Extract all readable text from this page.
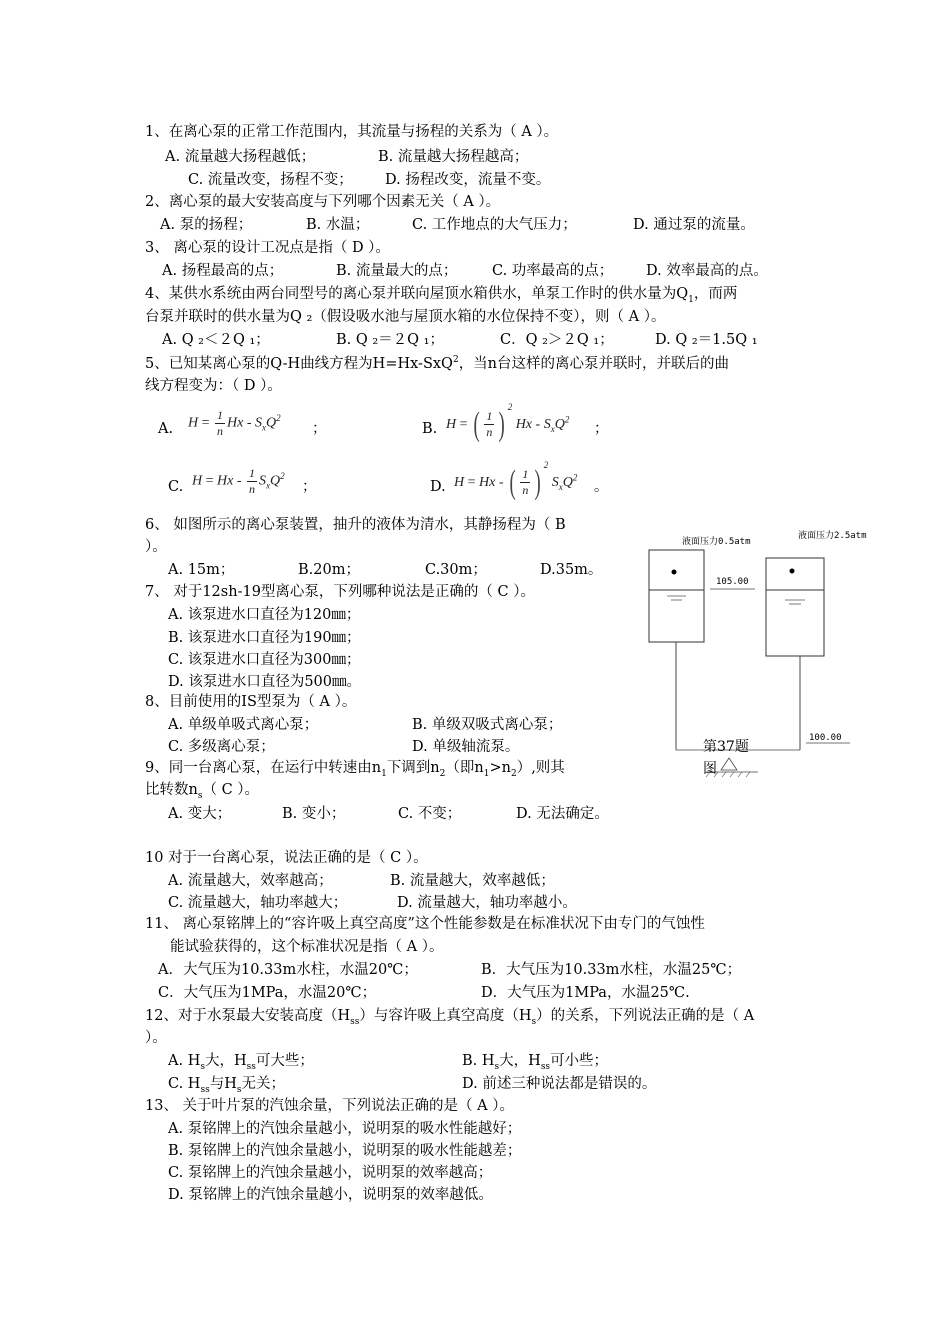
1、在离心泵的正常工作范围内，其流量与扬程的关系为（ A ）。
A. 流量越大扬程越低；	B. 流量越大扬程越高；
C. 流量改变，扬程不变； D. 扬程改变，流量不变。
2、离心泵的最大安装高度与下列哪个因素无关（ A ）。
A. 泵的扬程；	B. 水温；	C. 工作地点的大气压力；	D. 通过泵的流量。
3、 离心泵的设计工况点是指（ D ）。
A. 扬程最高的点；	B. 流量最大的点； C. 功率最高的点； D. 效率最高的点。
4、某供水系统由两台同型号的离心泵并联向屋顶水箱供水，单泵工作时的供水量为$Q_1$，而两
台泵并联时的供水量为Q ₂（假设吸水池与屋顶水箱的水位保持不变），则（ A ）。
A. Q ₂＜２Q ₁；	B. Q ₂＝２Q ₁；	C．Q ₂＞２Q ₁；	D. Q ₂＝1.5Q ₁
5、已知某离心泵的Q-H曲线方程为H=Hx-SxQ$^2$，当n台这样的离心泵并联时，并联后的曲
线方程变为：（ D ）。
A. $H = \frac{1}{n}$ Hx - $S_xQ^2$
；	B. H = ( $\frac{1}{n}$ ) $^2$ Hx - $S_xQ^2$
；
C. $H = Hx - \frac{1}{n} S_xQ^2$
；	D. H = Hx - ( $\frac{1}{n}$ ) $^2$ $S_xQ^2$
。
6、 如图所示的离心泵装置，抽升的液体为清水，其静扬程为（ B
）。
A. 15m；	B.20m；	C.30m；	D.35m。
7、 对于12sh-19型离心泵，下列哪种说法是正确的（ C ）。
A. 该泵进水口直径为120㎜；
B. 该泵进水口直径为190㎜；
C. 该泵进水口直径为300㎜；
D. 该泵进水口直径为500㎜。
8、目前使用的IS型泵为（ A ）。
A. 单级单吸式离心泵；	B. 单级双吸式离心泵；
C. 多级离心泵；	D. 单级轴流泵。
9、同一台离心泵，在运行中转速由$n_1$下调到$n_2$（即$n_1>n_2$）,则其
比转数$n_s$（ C ）。
A. 变大；	B. 变小；	C. 不变；	D. 无法确定。
10 对于一台离心泵，说法正确的是（ C ）。
A. 流量越大，效率越高；	B. 流量越大，效率越低；
C. 流量越大，轴功率越大；	D. 流量越大，轴功率越小。
11、 离心泵铭牌上的“容许吸上真空高度”这个性能参数是在标准状况下由专门的气蚀性
能试验获得的，这个标准状况是指（ A ）。
A．大气压为10.33m水柱，水温20℃；	B．大气压为10.33m水柱，水温25℃；
C．大气压为1MPa，水温20℃；	D．大气压为1MPa，水温25℃.
12、对于水泵最大安装高度$(H_{ss})$与容许吸上真空高度$(H_s)$的关系，下列说法正确的是（ A
）。
A. $H_s$大，$H_{ss}$可大些；	B. $H_s$大，$H_{ss}$可小些；
C. $H_{ss}$与$H_s$无关；	D. 前述三种说法都是错误的。
13、 关于叶片泵的汽蚀余量，下列说法正确的是（ A ）。
A. 泵铭牌上的汽蚀余量越小，说明泵的吸水性能越好；
B. 泵铭牌上的汽蚀余量越小，说明泵的吸水性能越差；
C. 泵铭牌上的汽蚀余量越小，说明泵的效率越高；
D. 泵铭牌上的汽蚀余量越小，说明泵的效率越低。
105.00
100.00
液面压力0.5atm
液面压力2.5atm
第37题
图
